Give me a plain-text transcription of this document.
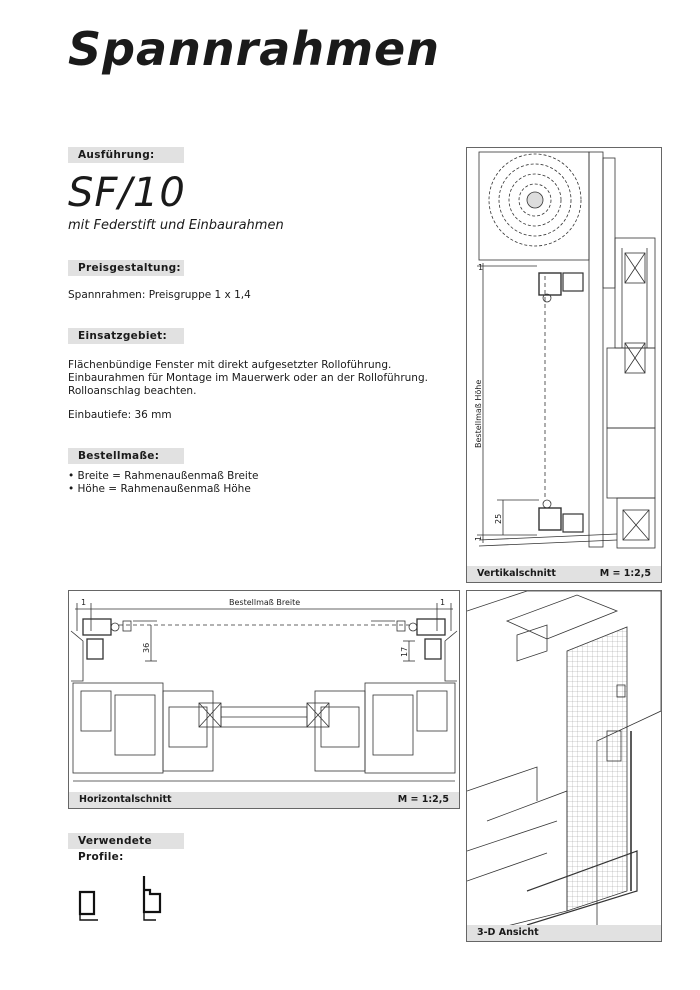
Spannrahmen
Ausführung:
SF/10
mit Federstift und Einbaurahmen
Preisgestaltung:
Spannrahmen: Preisgruppe 1 x 1,4
Einsatzgebiet:
Flächenbündige Fenster mit direkt aufgesetzter Rolloführung.
Einbaurahmen für Montage im Mauerwerk oder an der Rolloführung.
Rolloanschlag beachten.
Einbautiefe: 36 mm
Bestellmaße:
• Breite = Rahmenaußenmaß Breite
• Höhe = Rahmenaußenmaß Höhe
1
Bestellmaß Höhe
25
1
Vertikalschnitt	M = 1:2,5
Bestellmaß Breite
1	1
36	17
Horizontalschnitt	M = 1:2,5
3-D Ansicht
Verwendete Profile:
